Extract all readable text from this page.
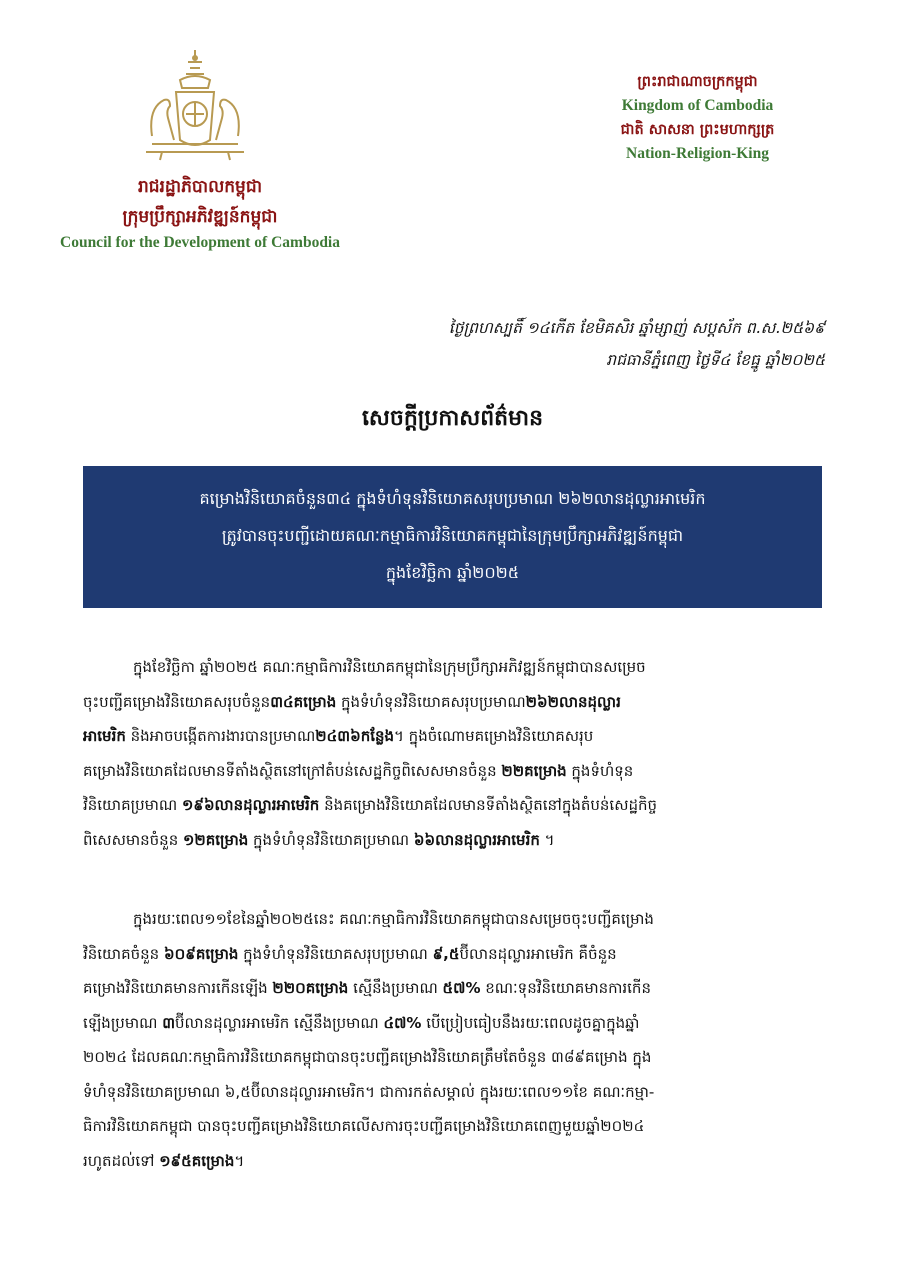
រាជរដ្ឋាភិបាលកម្ពុជា
ក្រុមប្រឹក្សាអភិវឌ្ឍន៍កម្ពុជា
Council for the Development of Cambodia
ព្រះរាជាណាចក្រកម្ពុជា
Kingdom of Cambodia
ជាតិ សាសនា ព្រះមហាក្សត្រ
Nation-Religion-King
ថ្ងៃព្រហស្បតិ៍ ១៤កើត ខែមិគសិរ ឆ្នាំម្សាញ់ សប្តស័ក ព.ស.២៥៦៩
រាជធានីភ្នំពេញ ថ្ងៃទី៤ ខែធ្នូ ឆ្នាំ២០២៥
សេចក្តីប្រកាសព័ត៌មាន
គម្រោងវិនិយោគចំនួន៣៤ ក្នុងទំហំទុនវិនិយោគសរុបប្រមាណ ២៦២លានដុល្លារអាមេរិក
ត្រូវបានចុះបញ្ជីដោយគណៈកម្មាធិការវិនិយោគកម្ពុជានៃក្រុមប្រឹក្សាអភិវឌ្ឍន៍កម្ពុជា
ក្នុងខែវិច្ឆិកា ឆ្នាំ២០២៥
ក្នុងខែវិច្ឆិកា ឆ្នាំ២០២៥ គណៈកម្មាធិការវិនិយោគកម្ពុជានៃក្រុមប្រឹក្សាអភិវឌ្ឍន៍កម្ពុជាបានសម្រេច
ចុះបញ្ជីគម្រោងវិនិយោគសរុបចំនួន៣៤គម្រោង ក្នុងទំហំទុនវិនិយោគសរុបប្រមាណ២៦២លានដុល្លារ
អាមេរិក និងអាចបង្កើតការងារបានប្រមាណ២៤៣៦កន្លែង។ ក្នុងចំណោមគម្រោងវិនិយោគសរុប
គម្រោងវិនិយោគដែលមានទីតាំងស្ថិតនៅក្រៅតំបន់សេដ្ឋកិច្ចពិសេសមានចំនួន ២២គម្រោង ក្នុងទំហំទុន
វិនិយោគប្រមាណ ១៩៦លានដុល្លារអាមេរិក និងគម្រោងវិនិយោគដែលមានទីតាំងស្ថិតនៅក្នុងតំបន់សេដ្ឋកិច្ច
ពិសេសមានចំនួន ១២គម្រោង ក្នុងទំហំទុនវិនិយោគប្រមាណ ៦៦លានដុល្លារអាមេរិក ។
ក្នុងរយៈពេល១១ខែនៃឆ្នាំ២០២៥នេះ គណៈកម្មាធិការវិនិយោគកម្ពុជាបានសម្រេចចុះបញ្ជីគម្រោង
វិនិយោគចំនួន ៦០៩គម្រោង ក្នុងទំហំទុនវិនិយោគសរុបប្រមាណ ៩,៥ប៊ីលានដុល្លារអាមេរិក គឺចំនួន
គម្រោងវិនិយោគមានការកើនឡើង ២២០គម្រោង ស្មើនឹងប្រមាណ ៥៧% ខណៈទុនវិនិយោគមានការកើន
ឡើងប្រមាណ ៣ប៊ីលានដុល្លារអាមេរិក ស្មើនឹងប្រមាណ ៤៧% បើប្រៀបធៀបនឹងរយៈពេលដូចគ្នាក្នុងឆ្នាំ
២០២៤ ដែលគណៈកម្មាធិការវិនិយោគកម្ពុជាបានចុះបញ្ជីគម្រោងវិនិយោគត្រឹមតែចំនួន ៣៨៩គម្រោង ក្នុង
ទំហំទុនវិនិយោគប្រមាណ ៦,៥ប៊ីលានដុល្លារអាមេរិក។ ជាការកត់សម្គាល់ ក្នុងរយៈពេល១១ខែ គណៈកម្មា-
ធិការវិនិយោគកម្ពុជា បានចុះបញ្ជីគម្រោងវិនិយោគលើសការចុះបញ្ជីគម្រោងវិនិយោគពេញមួយឆ្នាំ២០២៤
រហូតដល់ទៅ ១៩៥គម្រោង។
